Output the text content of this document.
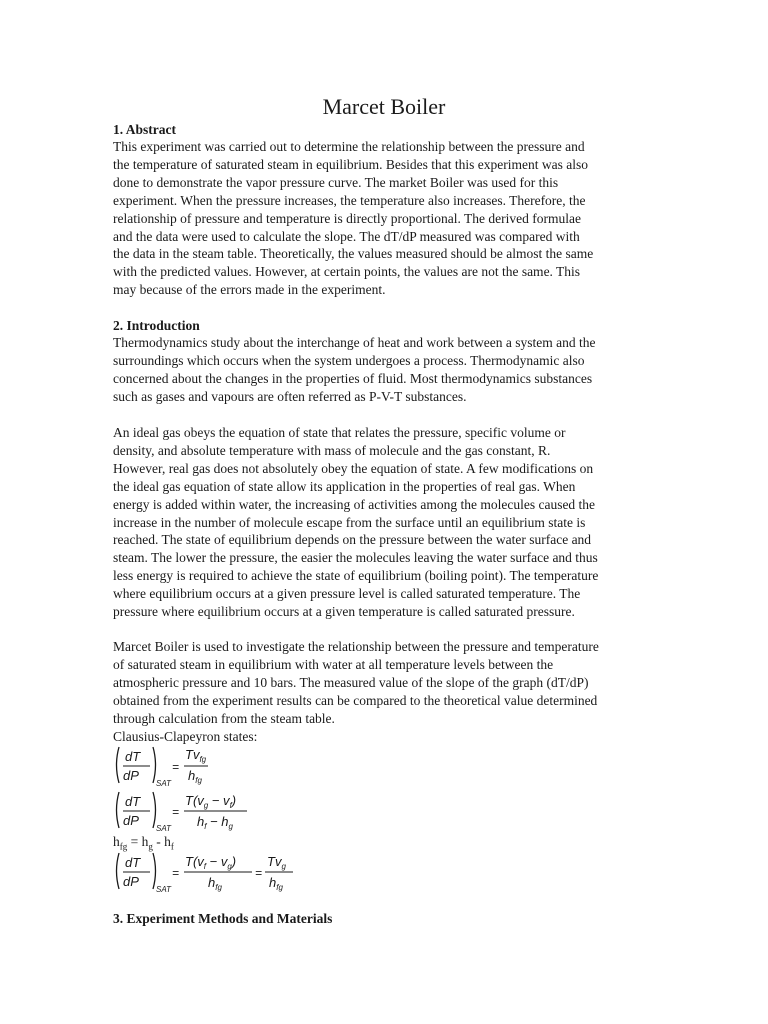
Marcet Boiler
1. Abstract

This experiment was carried out to determine the relationship between the pressure and
the temperature of saturated steam in equilibrium. Besides that this experiment was also
done to demonstrate the vapor pressure curve. The market Boiler was used for this
experiment. When the pressure increases, the temperature also increases. Therefore, the
relationship of pressure and temperature is directly proportional. The derived formulae
and the data were used to calculate the slope. The dT/dP measured was compared with
the data in the steam table. Theoretically, the values measured should be almost the same
with the predicted values. However, at certain points, the values are not the same. This
may because of the errors made in the experiment.

2. Introduction

Thermodynamics study about the interchange of heat and work between a system and the
surroundings which occurs when the system undergoes a process. Thermodynamic also
concerned about the changes in the properties of fluid. Most thermodynamics substances
such as gases and vapours are often referred as P-V-T substances.

An ideal gas obeys the equation of state that relates the pressure, specific volume or
density, and absolute temperature with mass of molecule and the gas constant, R.
However, real gas does not absolutely obey the equation of state. A few modifications on
the ideal gas equation of state allow its application in the properties of real gas. When
energy is added within water, the increasing of activities among the molecules caused the
increase in the number of molecule escape from the surface until an equilibrium state is
reached. The state of equilibrium depends on the pressure between the water surface and
steam. The lower the pressure, the easier the molecules leaving the water surface and thus
less energy is required to achieve the state of equilibrium (boiling point). The temperature
where equilibrium occurs at a given pressure level is called saturated temperature. The
pressure where equilibrium occurs at a given temperature is called saturated pressure.

Marcet Boiler is used to investigate the relationship between the pressure and temperature
of saturated steam in equilibrium with water at all temperature levels between the
atmospheric pressure and 10 bars. The measured value of the slope of the graph (dT/dP)
obtained from the experiment results can be compared to the theoretical value determined
through calculation from the steam table.
Clausius-Clapeyron states:

dT
dP
SAT
=
$Tv_{fg}$
$h_{fg}$
dT
dP
SAT
=
$T(v_g - v_f)$
$h_f - h_g$
$h_{fg} = h_g - h_f$
dT
dP
SAT
=
$T(v_f - v_g)$
$h_{fg}$
=
$Tv_g$
$h_{fg}$
3. Experiment Methods and Materials
